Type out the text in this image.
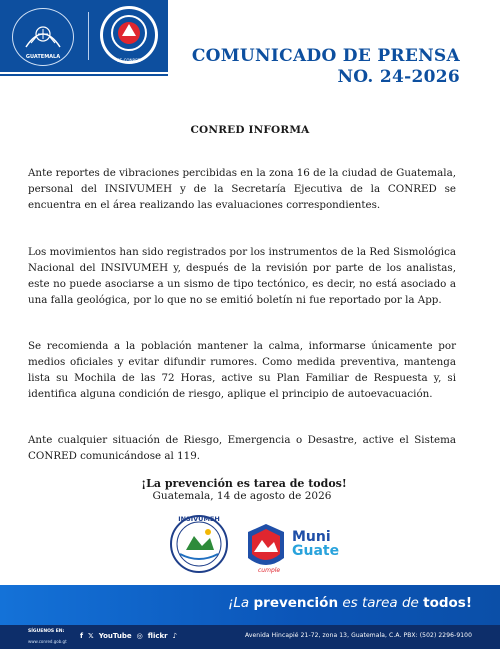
GUATEMALA
SE-CONRED	COMUNICADO DE PRENSA
NO. 24-2026
CONRED INFORMA

Ante reportes de vibraciones percibidas en la zona 16 de la ciudad de Guatemala, personal del INSIVUMEH y de la Secretaría Ejecutiva de la CONRED se encuentra en el área realizando las evaluaciones correspondientes.

Los movimientos han sido registrados por los instrumentos de la Red Sismológica Nacional del INSIVUMEH y, después de la revisión por parte de los analistas, este no puede asociarse a un sismo de tipo tectónico, es decir, no está asociado a una falla geológica, por lo que no se emitió boletín ni fue reportado por la App.

Se recomienda a la población mantener la calma, informarse únicamente por medios oficiales y evitar difundir rumores. Como medida preventiva, mantenga lista su Mochila de las 72 Horas, active su Plan Familiar de Respuesta y, si identifica alguna condición de riesgo, aplique el principio de autoevacuación.

Ante cualquier situación de Riesgo, Emergencia o Desastre, active el Sistema CONRED comunicándose al 119.

¡La prevención es tarea de todos!
Guatemala, 14 de agosto de 2026
INSIVUMEH
Muni
Guate
cumple
¡La prevención es tarea de todos!
SÍGUENOS EN:
www.conred.gob.gt
f 𝕏 YouTube ◎ flickr ♪	Avenida Hincapié 21-72, zona 13, Guatemala, C.A. PBX: (502) 2296-9100
